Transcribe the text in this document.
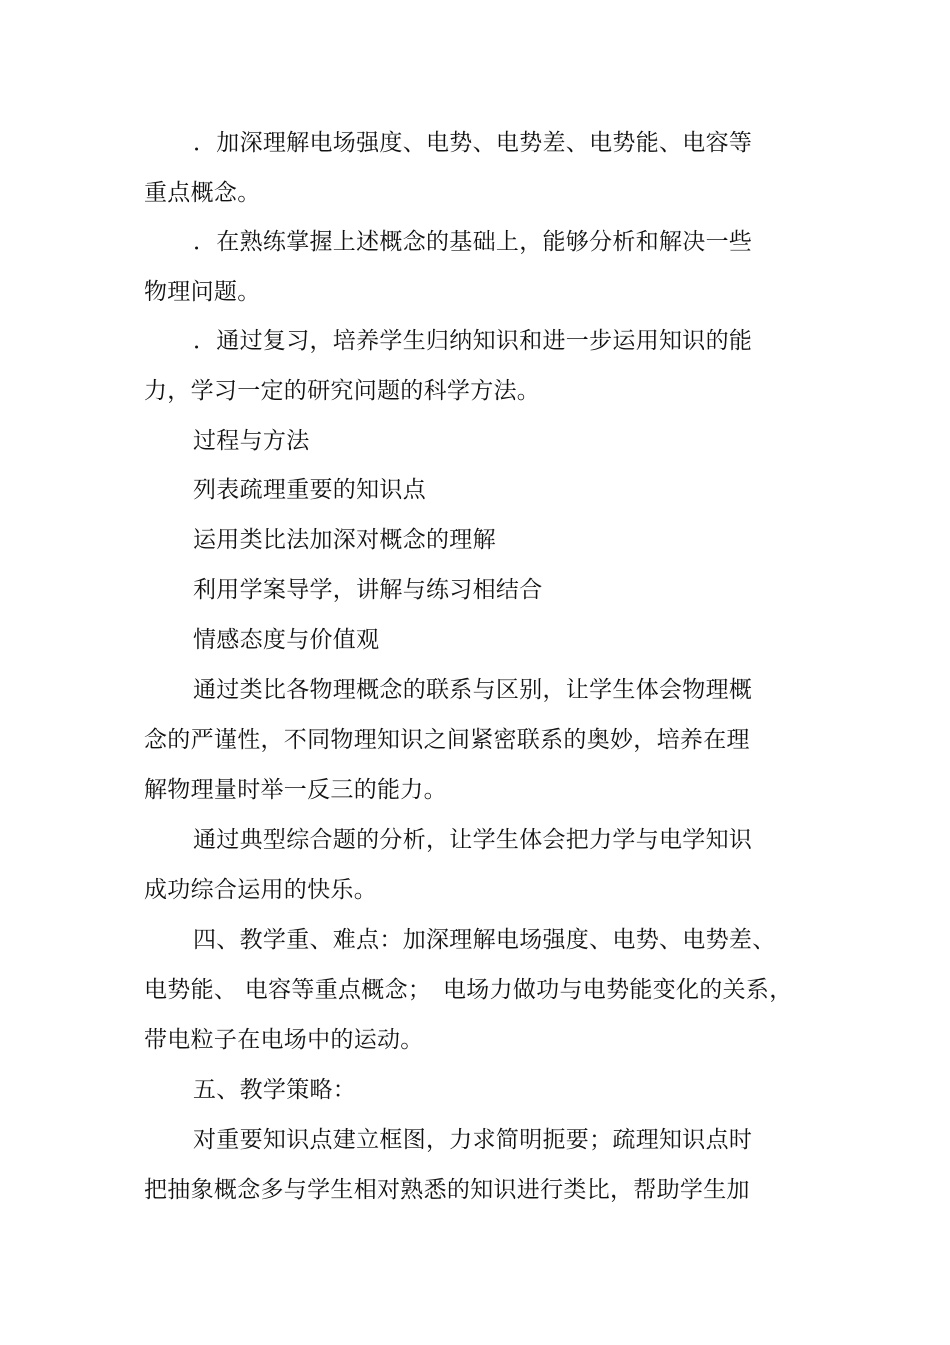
．加深理解电场强度、电势、电势差、电势能、电容等
重点概念。
．在熟练掌握上述概念的基础上，能够分析和解决一些
物理问题。
．通过复习，培养学生归纳知识和进一步运用知识的能
力，学习一定的研究问题的科学方法。
过程与方法
列表疏理重要的知识点
运用类比法加深对概念的理解
利用学案导学，讲解与练习相结合
情感态度与价值观
通过类比各物理概念的联系与区别，让学生体会物理概
念的严谨性，不同物理知识之间紧密联系的奥妙，培养在理
解物理量时举一反三的能力。
通过典型综合题的分析，让学生体会把力学与电学知识
成功综合运用的快乐。
四、教学重、难点：加深理解电场强度、电势、电势差、
电势能、 电容等重点概念；　电场力做功与电势能变化的关系，
带电粒子在电场中的运动。
五、教学策略：
对重要知识点建立框图，力求简明扼要；疏理知识点时
把抽象概念多与学生相对熟悉的知识进行类比，帮助学生加
